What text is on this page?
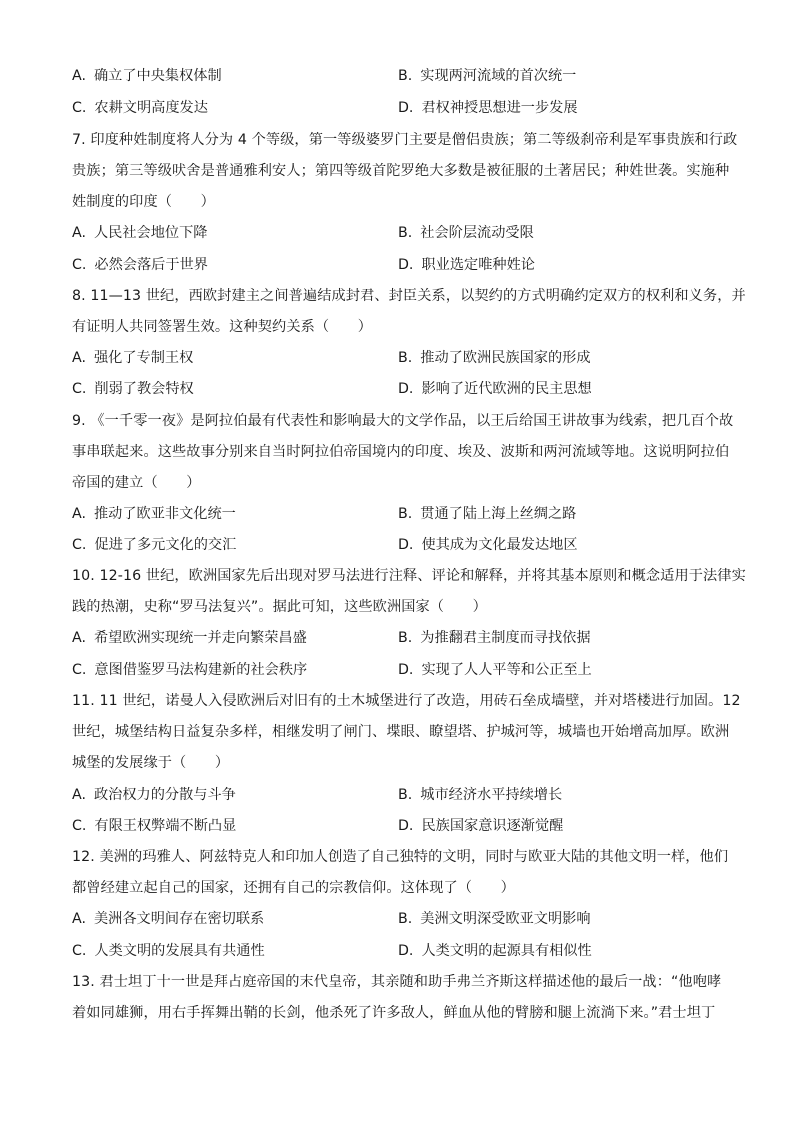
A. 确立了中央集权体制	B. 实现两河流域的首次统一
C. 农耕文明高度发达	D. 君权神授思想进一步发展
7. 印度种姓制度将人分为 4 个等级，第一等级婆罗门主要是僧侣贵族；第二等级刹帝利是军事贵族和行政
贵族；第三等级吠舍是普通雅利安人；第四等级首陀罗绝大多数是被征服的土著居民；种姓世袭。实施种
姓制度的印度（　　）
A. 人民社会地位下降	B. 社会阶层流动受限
C. 必然会落后于世界	D. 职业选定唯种姓论
8. 11—13 世纪，西欧封建主之间普遍结成封君、封臣关系，以契约的方式明确约定双方的权利和义务，并
有证明人共同签署生效。这种契约关系（　　）
A. 强化了专制王权	B. 推动了欧洲民族国家的形成
C. 削弱了教会特权	D. 影响了近代欧洲的民主思想
9. 《一千零一夜》是阿拉伯最有代表性和影响最大的文学作品，以王后给国王讲故事为线索，把几百个故
事串联起来。这些故事分别来自当时阿拉伯帝国境内的印度、埃及、波斯和两河流域等地。这说明阿拉伯
帝国的建立（　　）
A. 推动了欧亚非文化统一	B. 贯通了陆上海上丝绸之路
C. 促进了多元文化的交汇	D. 使其成为文化最发达地区
10. 12-16 世纪，欧洲国家先后出现对罗马法进行注释、评论和解释，并将其基本原则和概念适用于法律实
践的热潮，史称“罗马法复兴”。据此可知，这些欧洲国家（　　）
A. 希望欧洲实现统一并走向繁荣昌盛	B. 为推翻君主制度而寻找依据
C. 意图借鉴罗马法构建新的社会秩序	D. 实现了人人平等和公正至上
11. 11 世纪，诺曼人入侵欧洲后对旧有的土木城堡进行了改造，用砖石垒成墙壁，并对塔楼进行加固。12
世纪，城堡结构日益复杂多样，相继发明了闸门、堞眼、瞭望塔、护城河等，城墙也开始增高加厚。欧洲
城堡的发展缘于（　　）
A. 政治权力的分散与斗争	B. 城市经济水平持续增长
C. 有限王权弊端不断凸显	D. 民族国家意识逐渐觉醒
12. 美洲的玛雅人、阿兹特克人和印加人创造了自己独特的文明，同时与欧亚大陆的其他文明一样，他们
都曾经建立起自己的国家，还拥有自己的宗教信仰。这体现了（　　）
A. 美洲各文明间存在密切联系	B. 美洲文明深受欧亚文明影响
C. 人类文明的发展具有共通性	D. 人类文明的起源具有相似性
13. 君士坦丁十一世是拜占庭帝国的末代皇帝，其亲随和助手弗兰齐斯这样描述他的最后一战：“他咆哮
着如同雄狮，用右手挥舞出鞘的长剑，他杀死了许多敌人，鲜血从他的臂膀和腿上流淌下来。”君士坦丁
